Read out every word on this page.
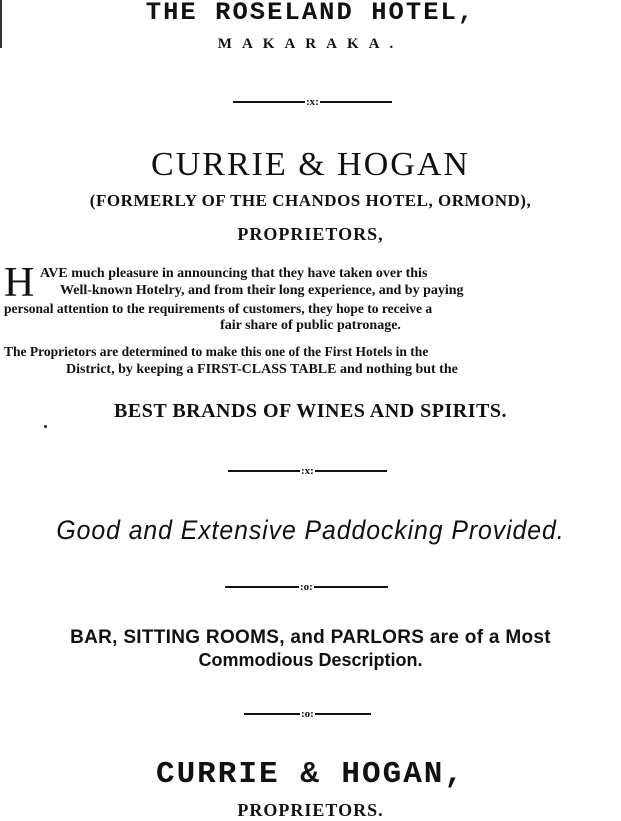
THE ROSELAND HOTEL,
MAKARAKA.
:x:
CURRIE & HOGAN
(FORMERLY OF THE CHANDOS HOTEL, ORMOND),
PROPRIETORS,
H AVE much pleasure in announcing that they have taken over this
Well-known Hotelry, and from their long experience, and by paying
personal attention to the requirements of customers, they hope to receive a
fair share of public patronage.
The Proprietors are determined to make this one of the First Hotels in the
District, by keeping a FIRST-CLASS TABLE and nothing but the
BEST BRANDS OF WINES AND SPIRITS.
:x:
Good and Extensive Paddocking Provided.
:o:
BAR, SITTING ROOMS, and PARLORS are of a Most
Commodious Description.
:o:
CURRIE & HOGAN,
PROPRIETORS.
